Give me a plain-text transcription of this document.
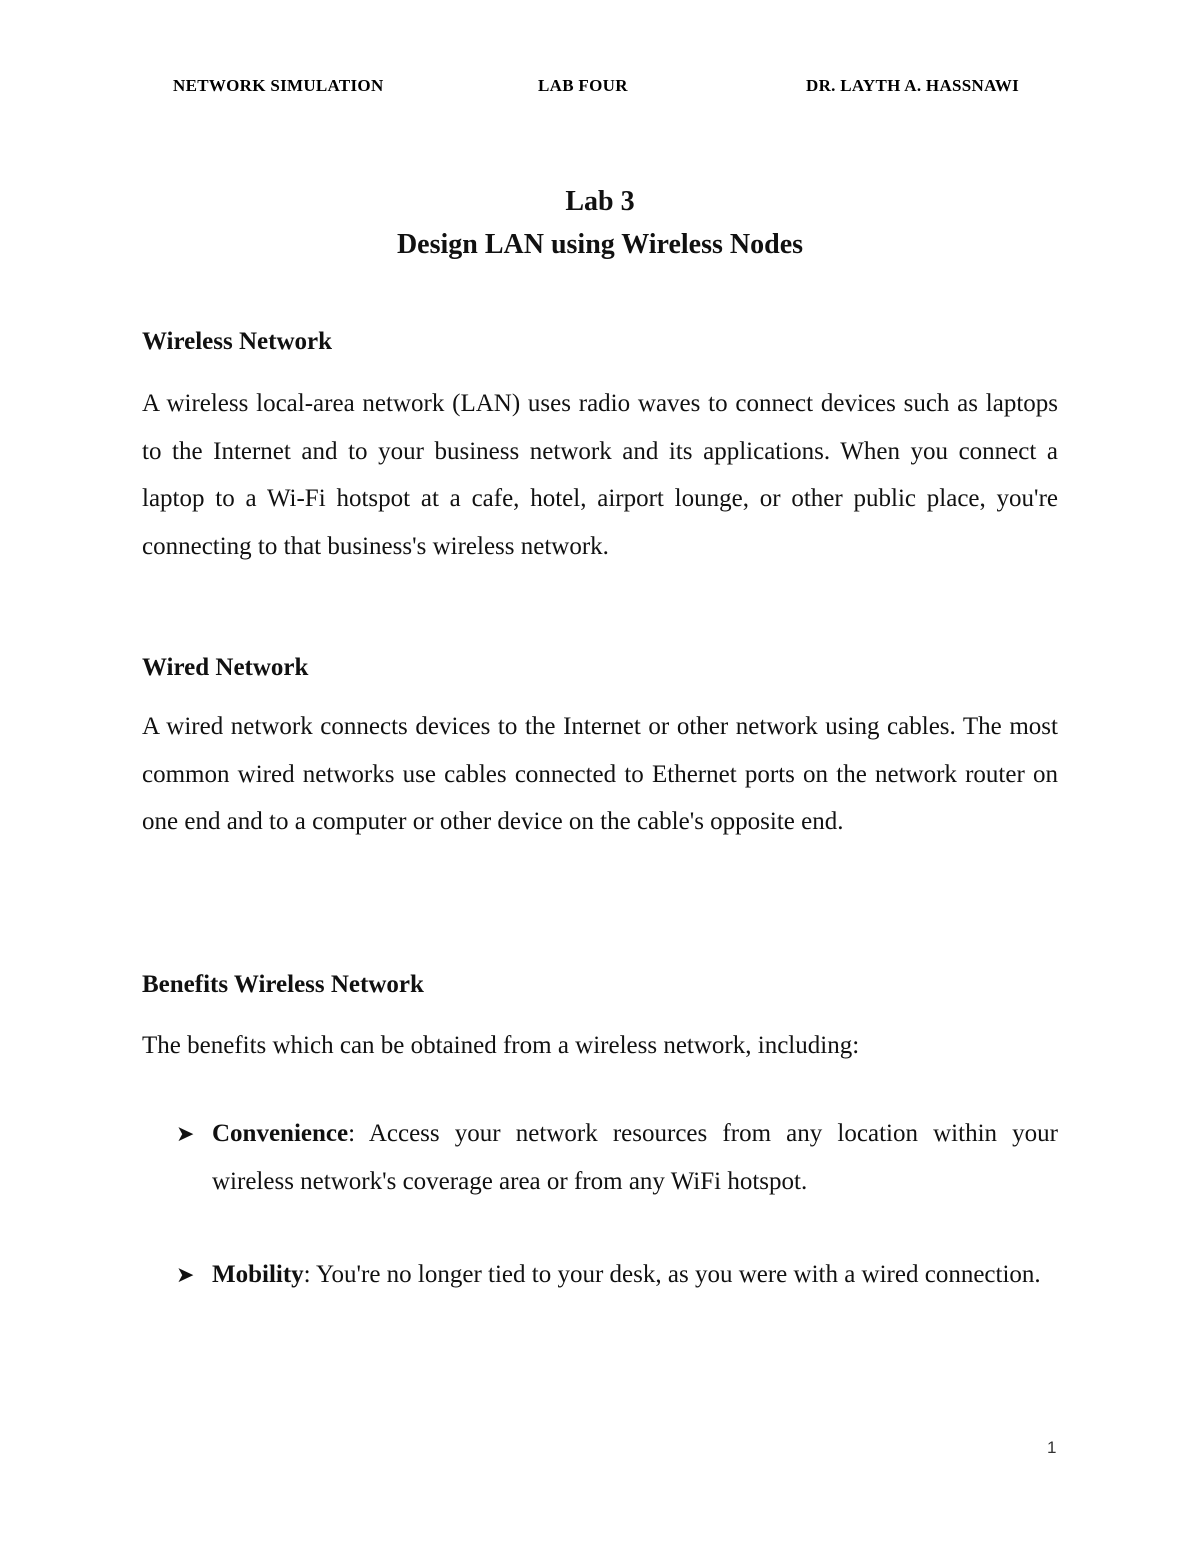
NETWORK SIMULATION	LAB FOUR	DR. LAYTH A. HASSNAWI
Lab 3
Design LAN using Wireless Nodes
Wireless Network
A wireless local-area network (LAN) uses radio waves to connect devices such as laptops to the Internet and to your business network and its applications. When you connect a laptop to a Wi-Fi hotspot at a cafe, hotel, airport lounge, or other public place, you're connecting to that business's wireless network.
Wired Network
A wired network connects devices to the Internet or other network using cables. The most common wired networks use cables connected to Ethernet ports on the network router on one end and to a computer or other device on the cable's opposite end.
Benefits Wireless Network
The benefits which can be obtained from a wireless network, including:
➤ Convenience: Access your network resources from any location within your wireless network's coverage area or from any WiFi hotspot.
➤ Mobility: You're no longer tied to your desk, as you were with a wired connection.
1
